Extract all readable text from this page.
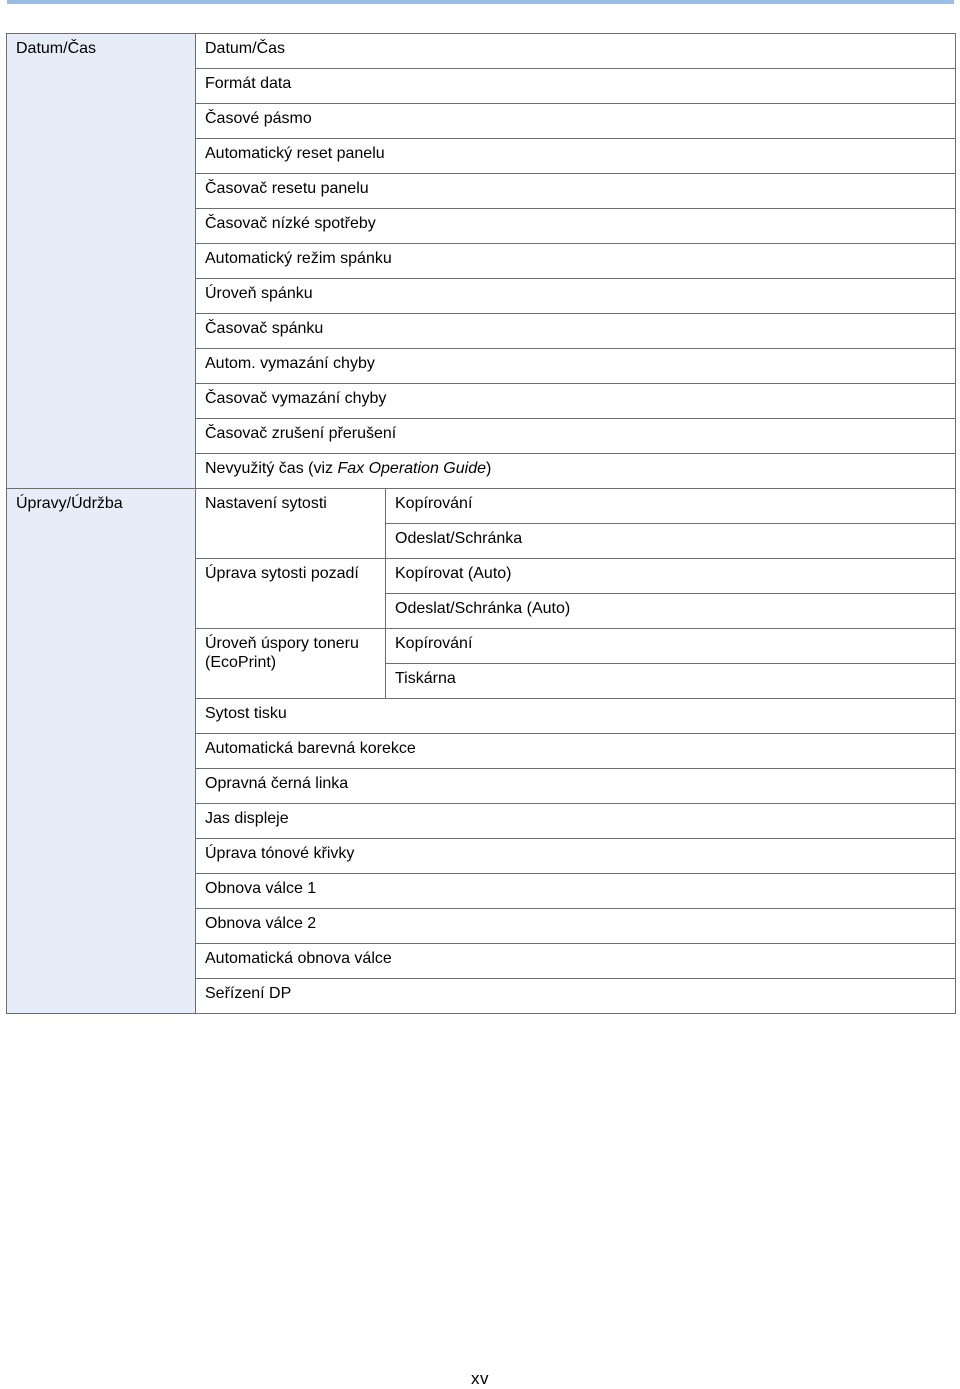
Datum/Čas	Datum/Čas	
	Formát data	
	Časové pásmo	
	Automatický reset panelu	
	Časovač resetu panelu	
	Časovač nízké spotřeby	
	Automatický režim spánku	
	Úroveň spánku	
	Časovač spánku	
	Autom. vymazání chyby	
	Časovač vymazání chyby	
	Časovač zrušení přerušení	
	Nevyužitý čas (viz Fax Operation Guide)	
Úpravy/Údržba	Nastavení sytosti	Kopírování
		Odeslat/Schránka
	Úprava sytosti pozadí	Kopírovat (Auto)
		Odeslat/Schránka (Auto)
	Úroveň úspory toneru (EcoPrint)	Kopírování
		Tiskárna
	Sytost tisku	
	Automatická barevná korekce	
	Opravná černá linka	
	Jas displeje	
	Úprava tónové křivky	
	Obnova válce 1	
	Obnova válce 2	
	Automatická obnova válce	
	Seřízení DP	
xv
